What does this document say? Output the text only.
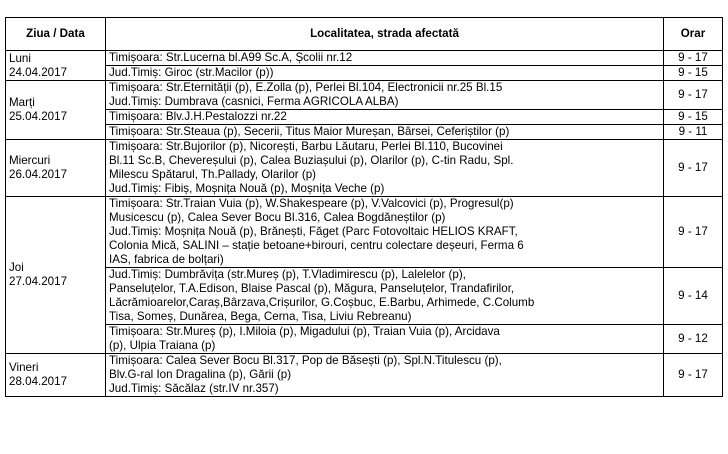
Ziua / Data	Localitatea, strada afectată	Orar

Luni
24.04.2017	Timișoara: Str.Lucerna bl.A99 Sc.A, Școlii nr.12	9 - 17

	Jud.Timiș: Giroc (str.Macilor (p))	9 - 15

Marți
25.04.2017	Timișoara: Str.Eternității (p), E.Zolla (p), Perlei Bl.104, Electronicii nr.25 Bl.15
Jud.Timiș: Dumbrava (casnici, Ferma AGRICOLA ALBA)	9 - 17

	Timișoara: Blv.J.H.Pestalozzi nr.22	9 - 15

	Timișoara: Str.Steaua (p), Secerii, Titus Maior Mureșan, Bârsei, Ceferiștilor (p)	9 - 11

Miercuri
26.04.2017	Timișoara: Str.Bujorilor (p), Nicorești, Barbu Lăutaru, Perlei Bl.110, Bucovinei
Bl.11 Sc.B, Chevereșului (p), Calea Buziașului (p), Olarilor (p), C-tin Radu, Spl.
Milescu Spătarul, Th.Pallady, Olarilor (p)
Jud.Timiș: Fibiș, Moșnița Nouă (p), Moșnița Veche (p)	9 - 17

Joi
27.04.2017	Timișoara: Str.Traian Vuia (p), W.Shakespeare (p), V.Valcovici (p), Progresul(p)
Musicescu (p), Calea Sever Bocu Bl.316, Calea Bogdăneștilor (p)
Jud.Timiș: Moșnița Nouă (p), Brănești, Făget (Parc Fotovoltaic HELIOS KRAFT,
Colonia Mică, SALINI – stație betoane+birouri, centru colectare deșeuri, Ferma 6
IAS, fabrica de bolțari)	9 - 17

	Jud.Timiș: Dumbrăvița (str.Mureș (p), T.Vladimirescu (p), Lalelelor (p),
Panseluțelor, T.A.Edison, Blaise Pascal (p), Măgura, Panseluțelor, Trandafirilor,
Lăcrămioarelor,Caraș,Bârzava,Crișurilor, G.Coșbuc, E.Barbu, Arhimede, C.Columb
Tisa, Someș, Dunărea, Bega, Cerna, Tisa, Liviu Rebreanu)	9 - 14

	Timișoara: Str.Mureș (p), I.Miloia (p), Migadului (p), Traian Vuia (p), Arcidava
(p), Ulpia Traiana (p)	9 - 12

Vineri
28.04.2017	Timișoara: Calea Sever Bocu Bl.317, Pop de Băsești (p), Spl.N.Titulescu (p),
Blv.G-ral Ion Dragalina (p), Gării (p)
Jud.Timiș: Săcălaz (str.IV nr.357)	9 - 17
